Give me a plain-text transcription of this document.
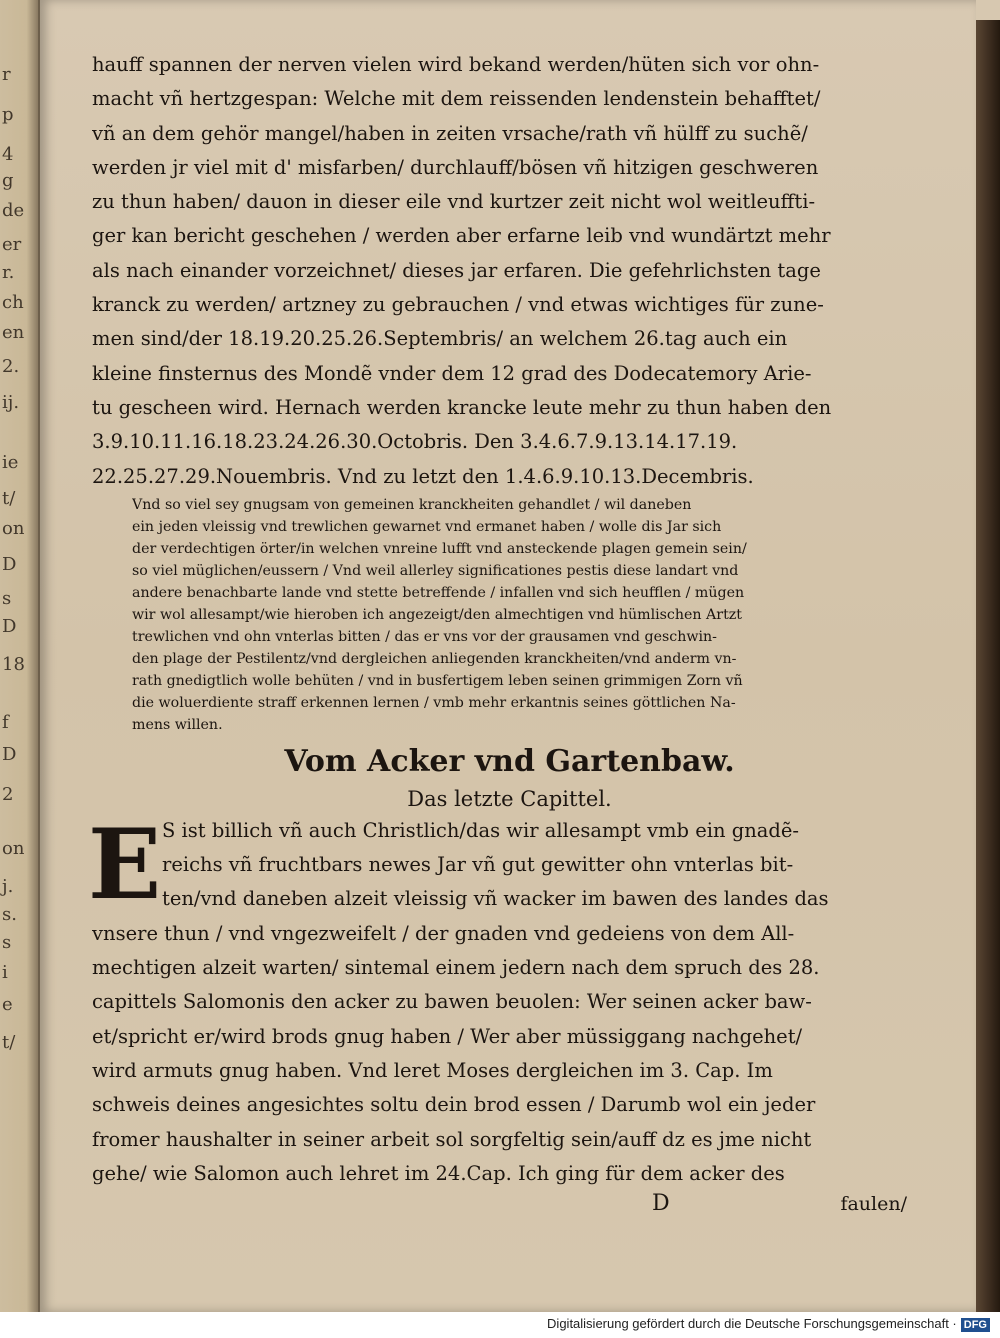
r
p
4
g
de
er
r.
ch
en
2.
ij.
ie
t/
on
D
s
D
18
f
D
2
on
j.
s.
s
i
e
t/
hauff spannen der nerven vielen wird bekand werden/hüten sich vor ohn-
macht vñ hertzgespan: Welche mit dem reissenden lendenstein behafftet/
vñ an dem gehör mangel/haben in zeiten vrsache/rath vñ hülff zu suchẽ/
werden jr viel mit d' misfarben/ durchlauff/bösen vñ hitzigen geschweren
zu thun haben/ dauon in dieser eile vnd kurtzer zeit nicht wol weitleuffti-
ger kan bericht geschehen / werden aber erfarne leib vnd wundärtzt mehr
als nach einander vorzeichnet/ dieses jar erfaren. Die gefehrlichsten tage
kranck zu werden/ artzney zu gebrauchen / vnd etwas wichtiges für zune-
men sind/der 18.19.20.25.26.Septembris/ an welchem 26.tag auch ein
kleine finsternus des Mondẽ vnder dem 12 grad des Dodecatemory Arie-
tu gescheen wird. Hernach werden krancke leute mehr zu thun haben den
3.9.10.11.16.18.23.24.26.30.Octobris. Den 3.4.6.7.9.13.14.17.19.
22.25.27.29.Nouembris. Vnd zu letzt den 1.4.6.9.10.13.Decembris.
Vnd so viel sey gnugsam von gemeinen kranckheiten gehandlet / wil daneben
ein jeden vleissig vnd trewlichen gewarnet vnd ermanet haben / wolle dis Jar sich
der verdechtigen örter/in welchen vnreine lufft vnd ansteckende plagen gemein sein/
so viel müglichen/eussern / Vnd weil allerley significationes pestis diese landart vnd
andere benachbarte lande vnd stette betreffende / infallen vnd sich heufflen / mügen
wir wol allesampt/wie hieroben ich angezeigt/den almechtigen vnd hümlischen Artzt
trewlichen vnd ohn vnterlas bitten / das er vns vor der grausamen vnd geschwin-
den plage der Pestilentz/vnd dergleichen anliegenden kranckheiten/vnd anderm vn-
rath gnedigtlich wolle behüten / vnd in busfertigem leben seinen grimmigen Zorn vñ
die woluerdiente straff erkennen lernen / vmb mehr erkantnis seines göttlichen Na-
mens willen.
Vom Acker vnd Gartenbaw.
Das letzte Capittel.
E S ist billich vñ auch Christlich/das wir allesampt vmb ein gnadẽ-
reichs vñ fruchtbars newes Jar vñ gut gewitter ohn vnterlas bit-
ten/vnd daneben alzeit vleissig vñ wacker im bawen des landes das
vnsere thun / vnd vngezweifelt / der gnaden vnd gedeiens von dem All-
mechtigen alzeit warten/ sintemal einem jedern nach dem spruch des 28.
capittels Salomonis den acker zu bawen beuolen: Wer seinen acker baw-
et/spricht er/wird brods gnug haben / Wer aber müssiggang nachgehet/
wird armuts gnug haben. Vnd leret Moses dergleichen im 3. Cap. Im
schweis deines angesichtes soltu dein brod essen / Darumb wol ein jeder
fromer haushalter in seiner arbeit sol sorgfeltig sein/auff dz es jme nicht
gehe/ wie Salomon auch lehret im 24.Cap. Ich ging für dem acker des
D	faulen/
Digitalisierung gefördert durch die Deutsche Forschungsgemeinschaft · DFG
